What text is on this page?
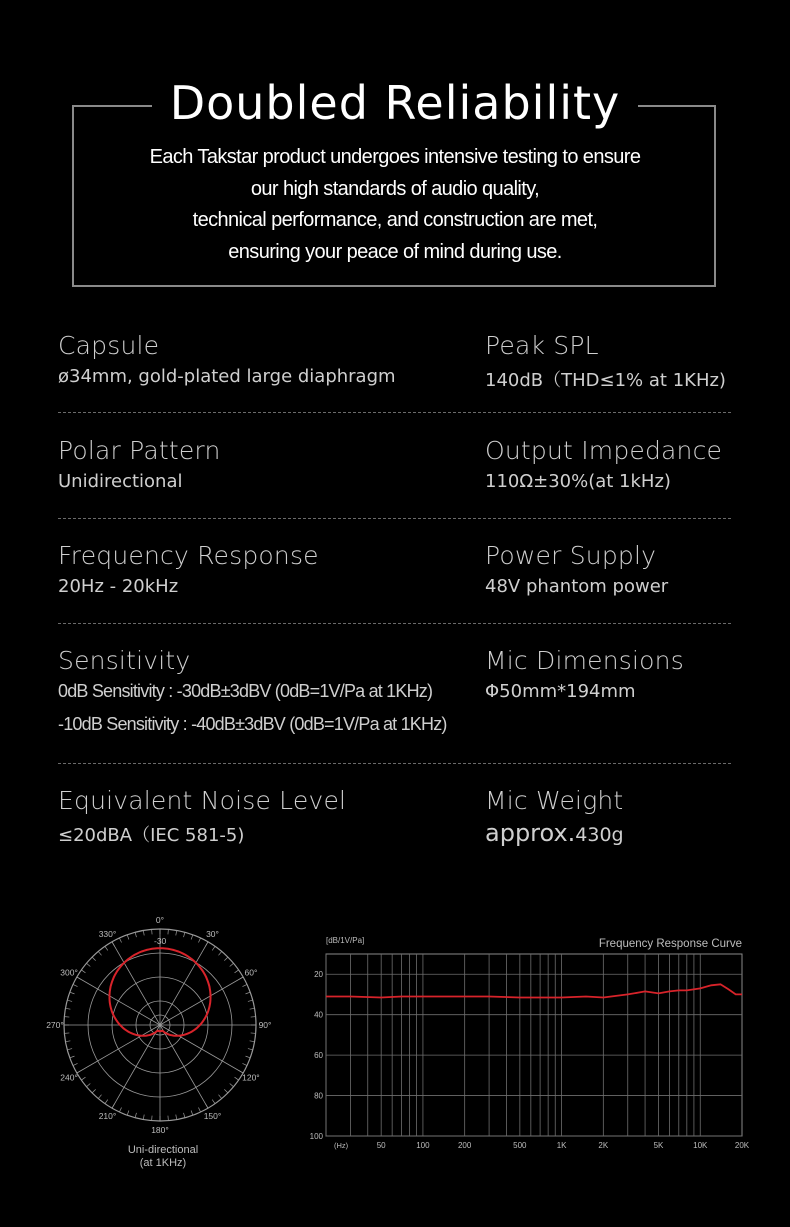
Doubled Reliability
Each Takstar product undergoes intensive testing to ensure
our high standards of audio quality,
technical performance, and construction are met,
ensuring your peace of mind during use.
Capsule
ø34mm, gold-plated large diaphragm
Peak SPL
140dB（THD≤1% at 1KHz)
Polar Pattern
Unidirectional
Output Impedance
110Ω±30%(at 1kHz)
Frequency Response
20Hz - 20kHz
Power Supply
48V phantom power
Sensitivity
0dB Sensitivity : -30dB±3dBV (0dB=1V/Pa at 1KHz)
-10dB Sensitivity : -40dB±3dBV (0dB=1V/Pa at 1KHz)
Mic Dimensions
Φ50mm*194mm
Equivalent Noise Level
≤20dBA（IEC 581-5)
Mic Weight
approx.430g
0°
30°
60°
90°
120°
150°
180°
210°
240°
270°
300°
330°
-30
Uni-directional
(at 1KHz)
20
40
60
80
100
50	100	200	500	1K	2K	5K	10K	20K
(Hz)
[dB/1V/Pa]	Frequency Response Curve
